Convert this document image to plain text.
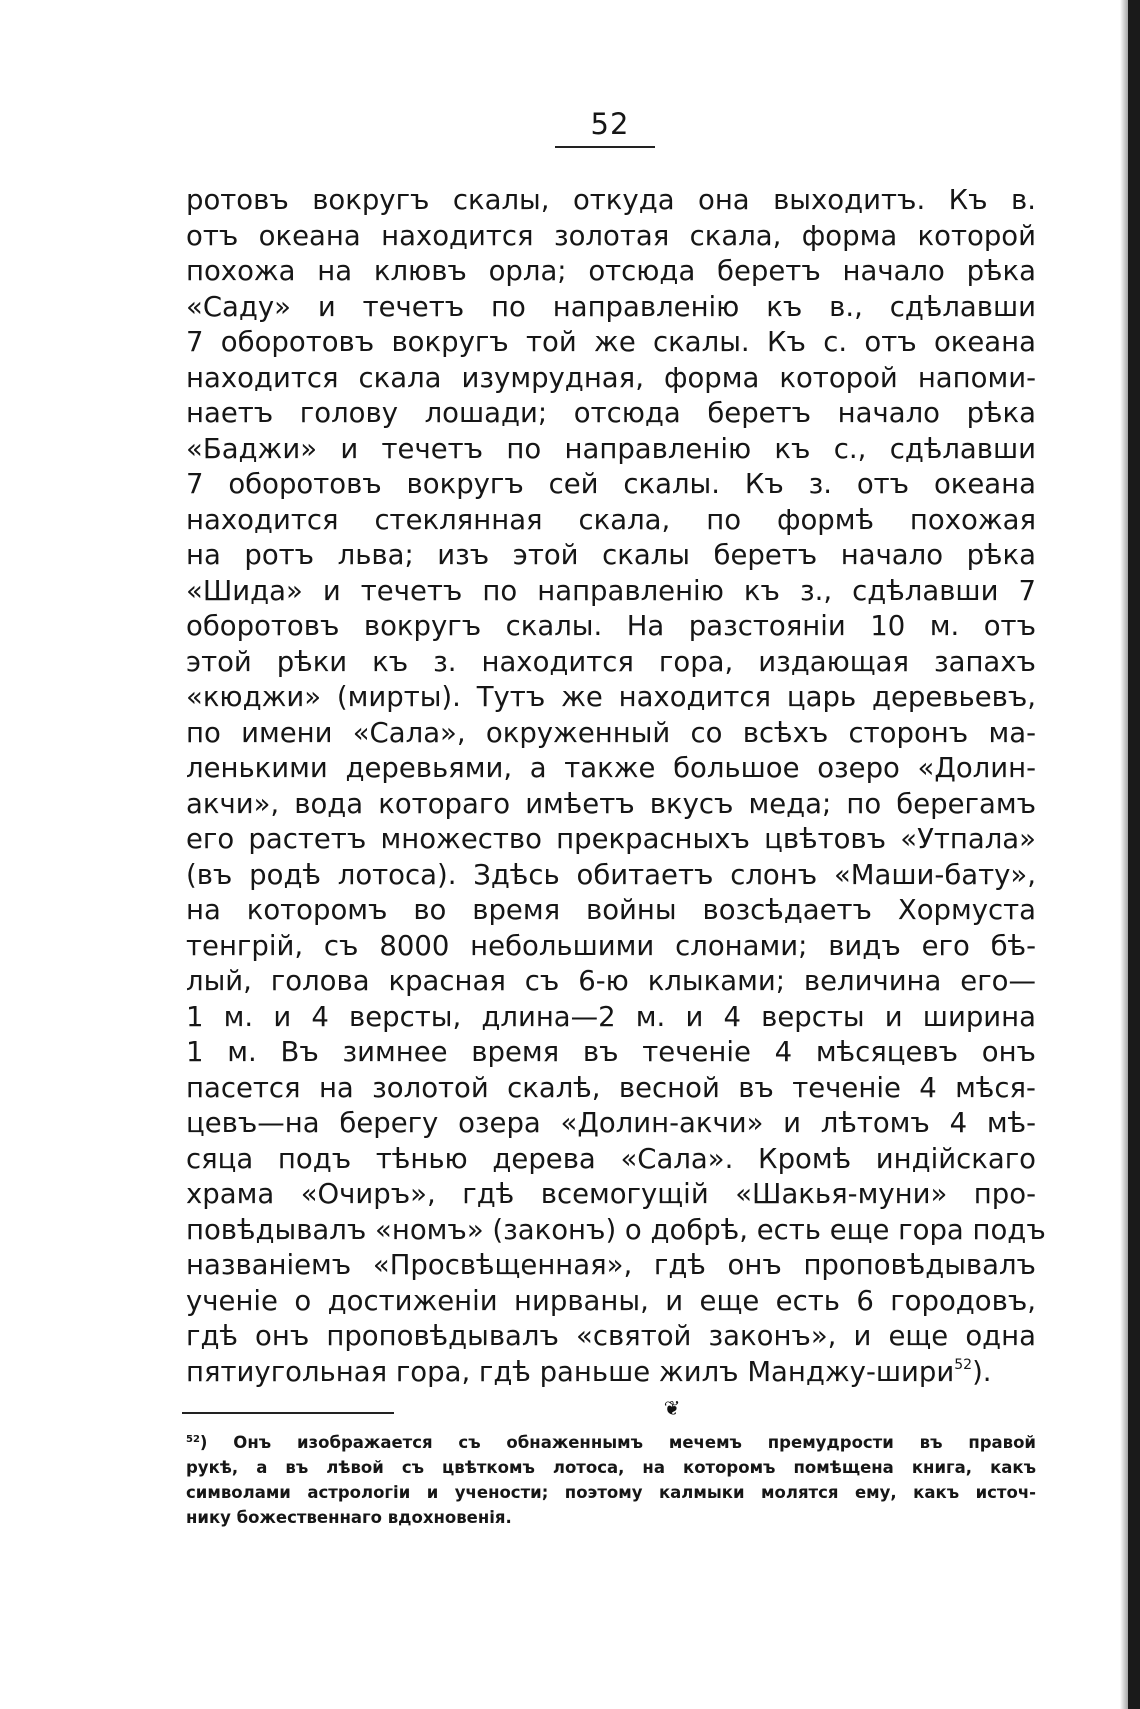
52
ротовъ вокругъ скалы, откуда она выходитъ. Къ в.
отъ океана находится золотая скала, форма которой
похожа на клювъ орла; отсюда беретъ начало рѣка
«Саду» и течетъ по направленію къ в., сдѣлавши
7 оборотовъ вокругъ той же скалы. Къ с. отъ океана
находится скала изумрудная, форма которой напоми-
наетъ голову лошади; отсюда беретъ начало рѣка
«Баджи» и течетъ по направленію къ с., сдѣлавши
7 оборотовъ вокругъ сей скалы. Къ з. отъ океана
находится стеклянная скала, по формѣ похожая
на ротъ льва; изъ этой скалы беретъ начало рѣка
«Шида» и течетъ по направленію къ з., сдѣлавши 7
оборотовъ вокругъ скалы. На разстояніи 10 м. отъ
этой рѣки къ з. находится гора, издающая запахъ
«кюджи» (мирты). Тутъ же находится царь деревьевъ,
по имени «Сала», окруженный со всѣхъ сторонъ ма-
ленькими деревьями, а также большое озеро «Долин-
акчи», вода котораго имѣетъ вкусъ меда; по берегамъ
его растетъ множество прекрасныхъ цвѣтовъ «Утпала»
(въ родѣ лотоса). Здѣсь обитаетъ слонъ «Маши-бату»,
на которомъ во время войны возсѣдаетъ Хормуста
тенгрій, съ 8000 небольшими слонами; видъ его бѣ-
лый, голова красная съ 6-ю клыками; величина его—
1 м. и 4 версты, длина—2 м. и 4 версты и ширина
1 м. Въ зимнее время въ теченіе 4 мѣсяцевъ онъ
пасется на золотой скалѣ, весной въ теченіе 4 мѣся-
цевъ—на берегу озера «Долин-акчи» и лѣтомъ 4 мѣ-
сяца подъ тѣнью дерева «Сала». Кромѣ индійскаго
храма «Очиръ», гдѣ всемогущій «Шакья-муни» про-
повѣдывалъ «номъ» (законъ) о добрѣ, есть еще гора подъ
названіемъ «Просвѣщенная», гдѣ онъ проповѣдывалъ
ученіе о достиженіи нирваны, и еще есть 6 городовъ,
гдѣ онъ проповѣдывалъ «святой законъ», и еще одна
пятиугольная гора, гдѣ раньше жилъ Манджу-шири$^{52}$).
❦
$^{52}$) Онъ изображается съ обнаженнымъ мечемъ премудрости въ правой
рукѣ, а въ лѣвой съ цвѣткомъ лотоса, на которомъ помѣщена книга, какъ
символами астрологіи и учености; поэтому калмыки молятся ему, какъ источ-
нику божественнаго вдохновенія.
